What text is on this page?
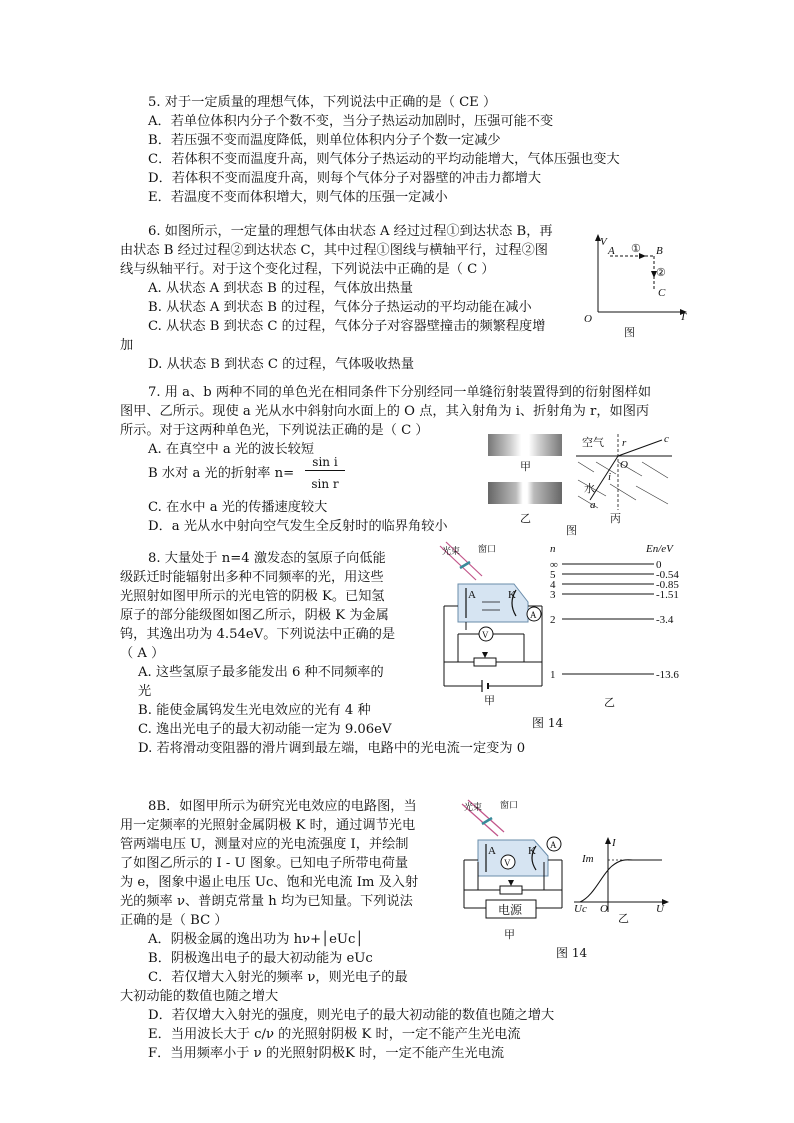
5. 对于一定质量的理想气体，下列说法中正确的是（ CE ）
A．若单位体积内分子个数不变，当分子热运动加剧时，压强可能不变
B．若压强不变而温度降低，则单位体积内分子个数一定减少
C．若体积不变而温度升高，则气体分子热运动的平均动能增大，气体压强也变大
D．若体积不变而温度升高，则每个气体分子对器壁的冲击力都增大
E．若温度不变而体积增大，则气体的压强一定减小
6. 如图所示，一定量的理想气体由状态 A 经过过程①到达状态 B，再
由状态 B 经过过程②到达状态 C，其中过程①图线与横轴平行，过程②图
线与纵轴平行。对于这个变化过程，下列说法中正确的是（ C ）
A. 从状态 A 到状态 B 的过程，气体放出热量
B. 从状态 A 到状态 B 的过程，气体分子热运动的平均动能在减小
C. 从状态 B 到状态 C 的过程，气体分子对容器壁撞击的频繁程度增
加
D. 从状态 B 到状态 C 的过程，气体吸收热量
V
T
O
A	B
C
①
②
图
7. 用 a、b 两种不同的单色光在相同条件下分别经同一单缝衍射装置得到的衍射图样如
图甲、乙所示。现使 a 光从水中斜射向水面上的 O 点，其入射角为 i、折射角为 r，如图丙
所示。对于这两种单色光，下列说法正确的是（ C ）
A. 在真空中 a 光的波长较短
B 水对 a 光的折射率 n=
sin i
sin r
C. 在水中 a 光的传播速度较大
D．a 光从水中射向空气发生全反射时的临界角较小
甲
乙
空气
水
O
c
r
i
a
丙
图
8. 大量处于 n=4 激发态的氢原子向低能
级跃迁时能辐射出多种不同频率的光，用这些
光照射如图甲所示的光电管的阴极 K。已知氢
原子的部分能级图如图乙所示，阴极 K 为金属
钨，其逸出功为 4.54eV。下列说法中正确的是
（ A ）
A. 这些氢原子最多能发出 6 种不同频率的
光
B. 能使金属钨发生光电效应的光有 4 种
C. 逸出光电子的最大初动能一定为 9.06eV
D. 若将滑动变阻器的滑片调到最左端，电路中的光电流一定变为 0
光束 窗口
A	K
A
V
甲
图 14
n	En/eV
∞	0
5	-0.54
4	-0.85
3	-1.51
2	-3.4
1	-13.6
乙
8B．如图甲所示为研究光电效应的电路图，当
用一定频率的光照射金属阴极 K 时，通过调节光电
管两端电压 U，测量对应的光电流强度 I，并绘制
了如图乙所示的 I - U 图象。已知电子所带电荷量
为 e，图象中遏止电压 Uc、饱和光电流 Im 及入射
光的频率 ν、普朗克常量 h 均为已知量。下列说法
正确的是（ BC ）
A．阴极金属的逸出功为 hν+│eUc│
B．阴极逸出电子的最大初动能为 eUc
C．若仅增大入射光的频率 ν，则光电子的最
大初动能的数值也随之增大
D．若仅增大入射光的强度，则光电子的最大初动能的数值也随之增大
E．当用波长大于 c/ν 的光照射阴极 K 时，一定不能产生光电流
F．当用频率小于 ν 的光照射阴极K 时，一定不能产生光电流
光束 窗口
A	K A
V
电源
甲
I
U
Im
Uc O
乙
图 14
